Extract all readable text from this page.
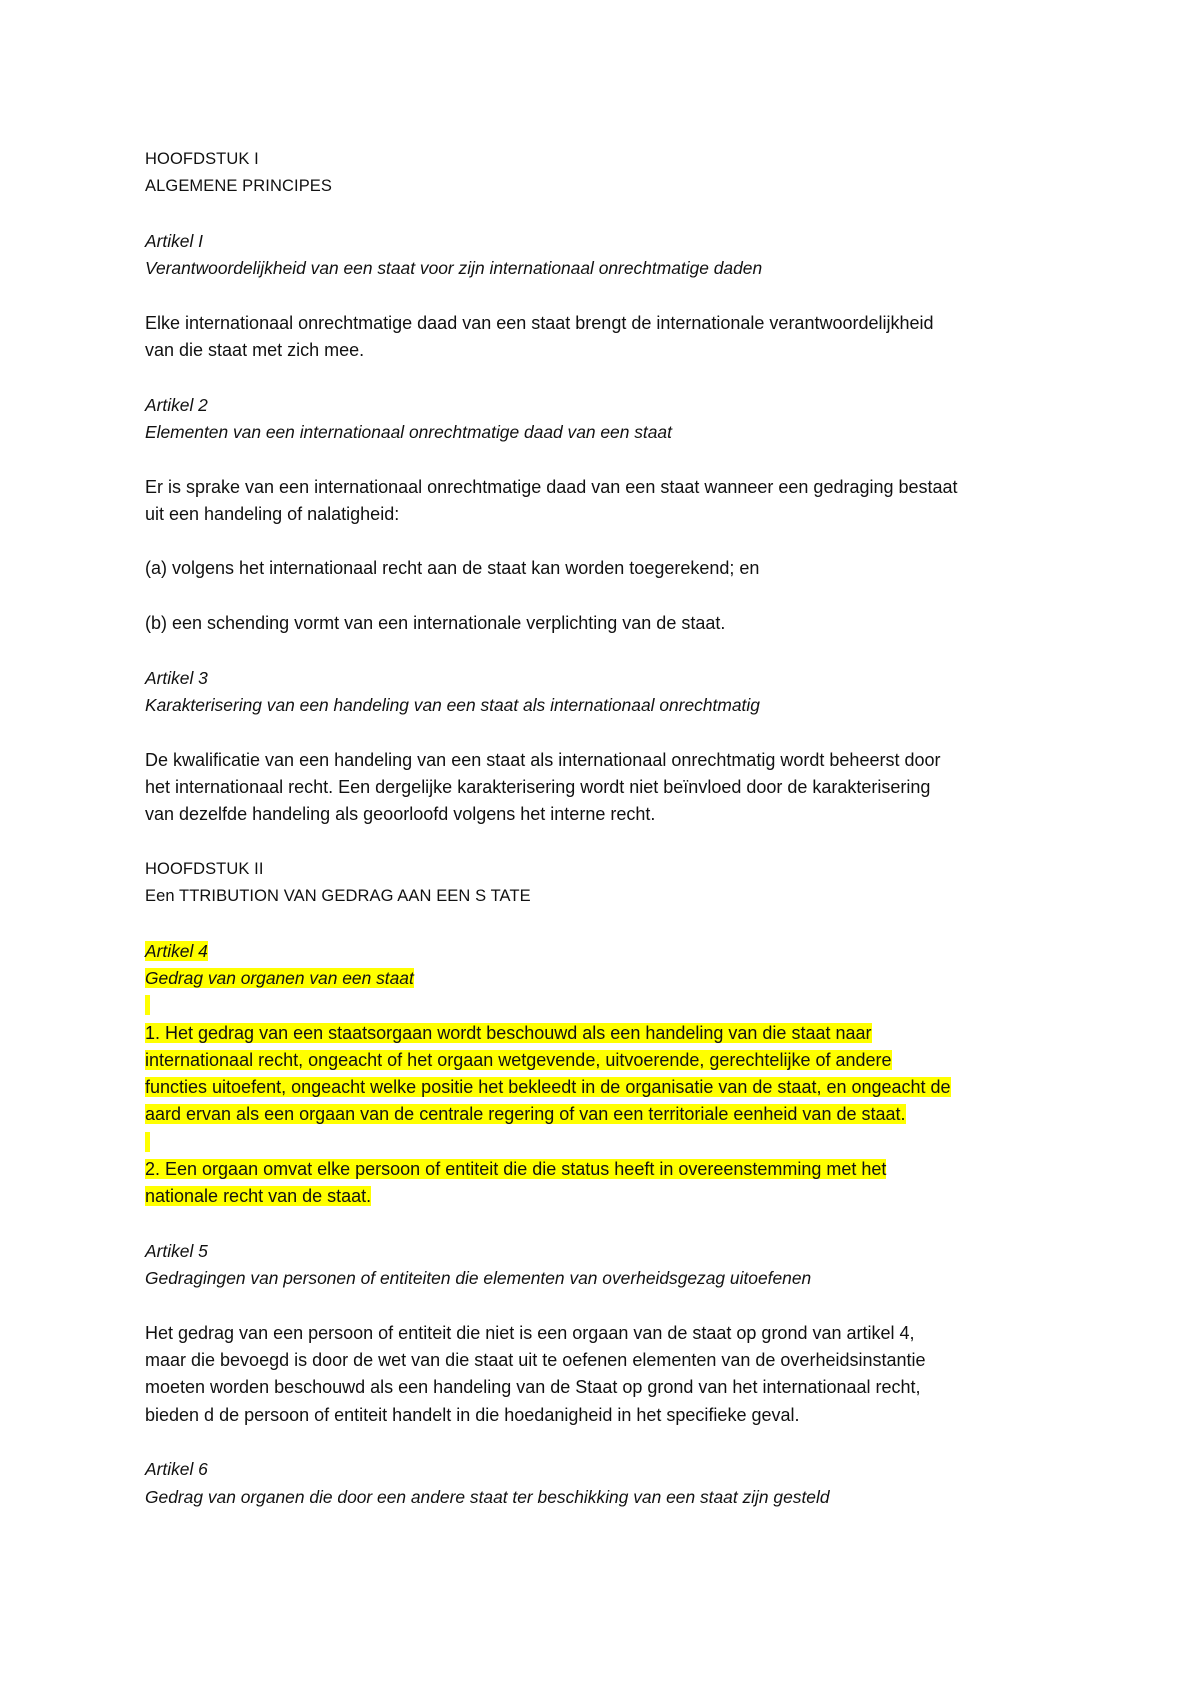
HOOFDSTUK I
ALGEMENE PRINCIPES
Artikel I
Verantwoordelijkheid van een staat voor zijn internationaal onrechtmatige daden
Elke internationaal onrechtmatige daad van een staat brengt de internationale verantwoordelijkheid
van die staat met zich mee.
Artikel 2
Elementen van een internationaal onrechtmatige daad van een staat
Er is sprake van een internationaal onrechtmatige daad van een staat wanneer een gedraging bestaat
uit een handeling of nalatigheid:
(a) volgens het internationaal recht aan de staat kan worden toegerekend; en
(b) een schending vormt van een internationale verplichting van de staat.
Artikel 3
Karakterisering van een handeling van een staat als internationaal onrechtmatig
De kwalificatie van een handeling van een staat als internationaal onrechtmatig wordt beheerst door
het internationaal recht. Een dergelijke karakterisering wordt niet beïnvloed door de karakterisering
van dezelfde handeling als geoorloofd volgens het interne recht.
HOOFDSTUK II
Een TTRIBUTION VAN GEDRAG AAN EEN S TATE
Artikel 4
Gedrag van organen van een staat

1. Het gedrag van een staatsorgaan wordt beschouwd als een handeling van die staat naar
internationaal recht, ongeacht of het orgaan wetgevende, uitvoerende, gerechtelijke of andere
functies uitoefent, ongeacht welke positie het bekleedt in de organisatie van de staat, en ongeacht de
aard ervan als een orgaan van de centrale regering of van een territoriale eenheid van de staat.

2. Een orgaan omvat elke persoon of entiteit die die status heeft in overeenstemming met het
nationale recht van de staat.
Artikel 5
Gedragingen van personen of entiteiten die elementen van overheidsgezag uitoefenen
Het gedrag van een persoon of entiteit die niet is een orgaan van de staat op grond van artikel 4,
maar die bevoegd is door de wet van die staat uit te oefenen elementen van de overheidsinstantie
moeten worden beschouwd als een handeling van de Staat op grond van het internationaal recht,
bieden d de persoon of entiteit handelt in die hoedanigheid in het specifieke geval.
Artikel 6
Gedrag van organen die door een andere staat ter beschikking van een staat zijn gesteld
